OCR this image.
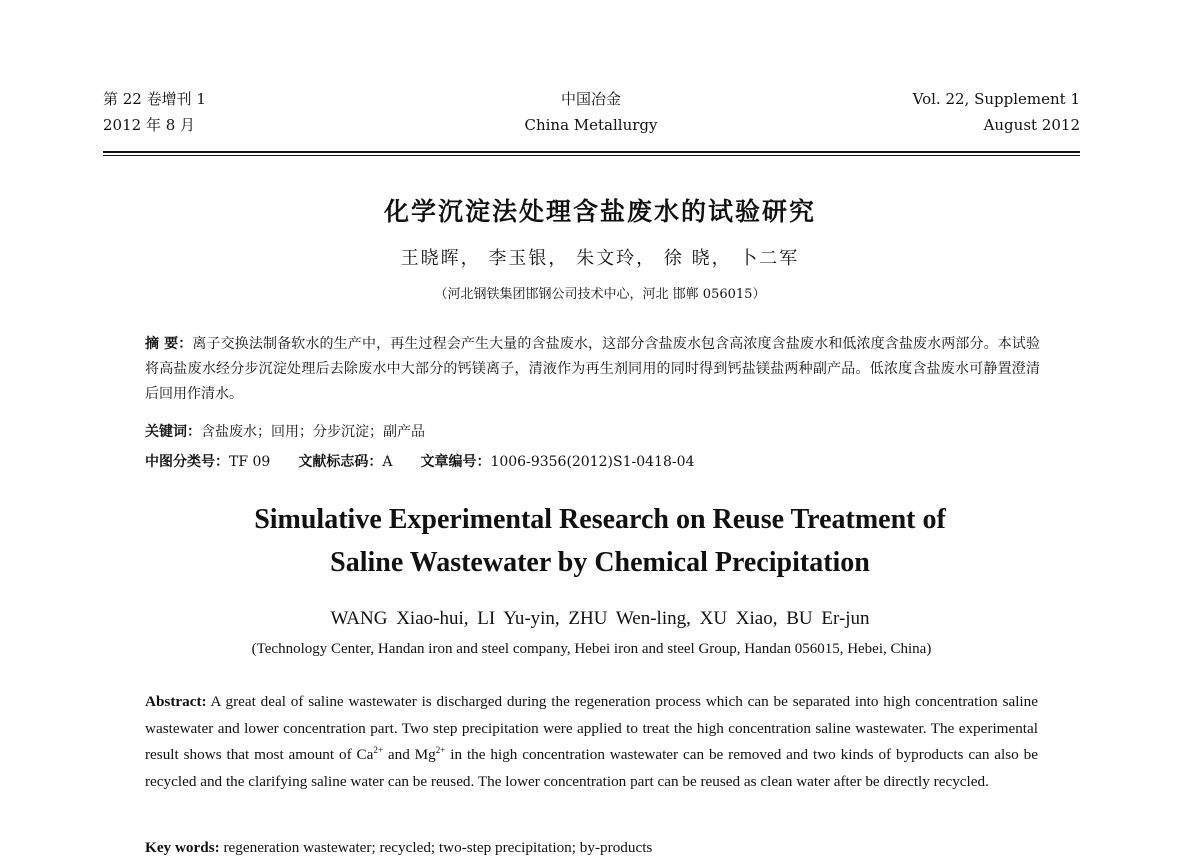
第 22 卷增刊 1
2012 年 8 月
中国冶金
China Metallurgy
Vol. 22, Supplement 1
August 2012
化学沉淀法处理含盐废水的试验研究
王晓晖， 李玉银， 朱文玲， 徐 晓， 卜二军
（河北钢铁集团邯钢公司技术中心，河北 邯郸 056015）
摘 要：离子交换法制备软水的生产中，再生过程会产生大量的含盐废水，这部分含盐废水包含高浓度含盐废水和低浓度含盐废水两部分。本试验将高盐废水经分步沉淀处理后去除废水中大部分的钙镁离子，清液作为再生剂同用的同时得到钙盐镁盐两种副产品。低浓度含盐废水可静置澄清后回用作清水。
关键词：含盐废水；回用；分步沉淀；副产品
中图分类号：TF 09 文献标志码：A 文章编号：1006-9356(2012)S1-0418-04
Simulative Experimental Research on Reuse Treatment of
Saline Wastewater by Chemical Precipitation
WANG Xiao-hui, LI Yu-yin, ZHU Wen-ling, XU Xiao, BU Er-jun
(Technology Center, Handan iron and steel company, Hebei iron and steel Group, Handan 056015, Hebei, China)
Abstract: A great deal of saline wastewater is discharged during the regeneration process which can be separated into high concentration saline wastewater and lower concentration part. Two step precipitation were applied to treat the high concentration saline wastewater. The experimental result shows that most amount of $Ca^{2+}$ and $Mg^{2+}$ in the high concentration wastewater can be removed and two kinds of byproducts can also be recycled and the clarifying saline water can be reused. The lower concentration part can be reused as clean water after be directly recycled.
Key words: regeneration wastewater; recycled; two-step precipitation; by-products
